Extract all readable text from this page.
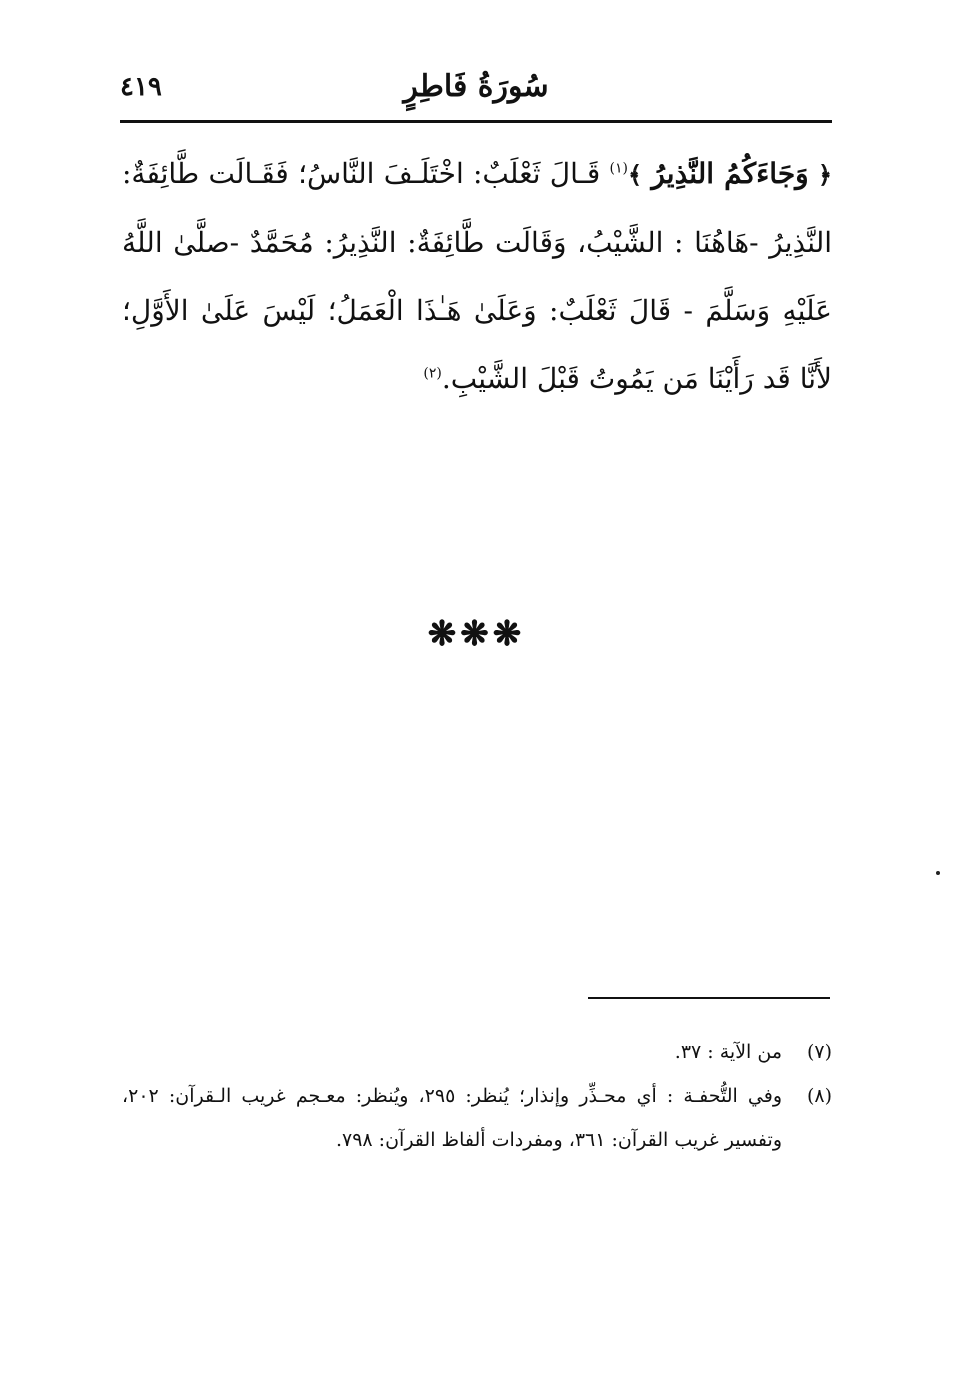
سُورَةُ فَاطِرٍ
٤١٩
﴿ وَجَاءَكُمُ النَّذِيرُ ﴾$^{(١)}$ قَـالَ ثَعْلَبٌ: اخْتَلَـفَ النَّاسُ؛ فَقَـالَت طَّائِفَةٌ: النَّذِيرُ -هَاهُنَا : الشَّيْبُ، وَقَالَت طَّائِفَةٌ: النَّذِيرُ: مُحَمَّدٌ -صلَّىٰ اللَّهُ عَلَيْهِ وَسَلَّمَ - قَالَ ثَعْلَبٌ: وَعَلَىٰ هَـٰذَا الْعَمَلُ؛ لَيْسَ عَلَىٰ الأَوَّلِ؛ لأَنَّا قَد رَأَيْنَا مَن يَمُوتُ قَبْلَ الشَّيْبِ.$^{(٢)}$
❋❋❋
(٧)
من الآية : ٣٧.
(٨)
وفي التُّحفـة : أي محـذِّر وإنذار؛ يُنظر: ٢٩٥، ويُنظر: معـجم غريب الـقرآن: ٢٠٢، وتفسير غريب القرآن: ٣٦١، ومفردات ألفاظ القرآن: ٧٩٨.
